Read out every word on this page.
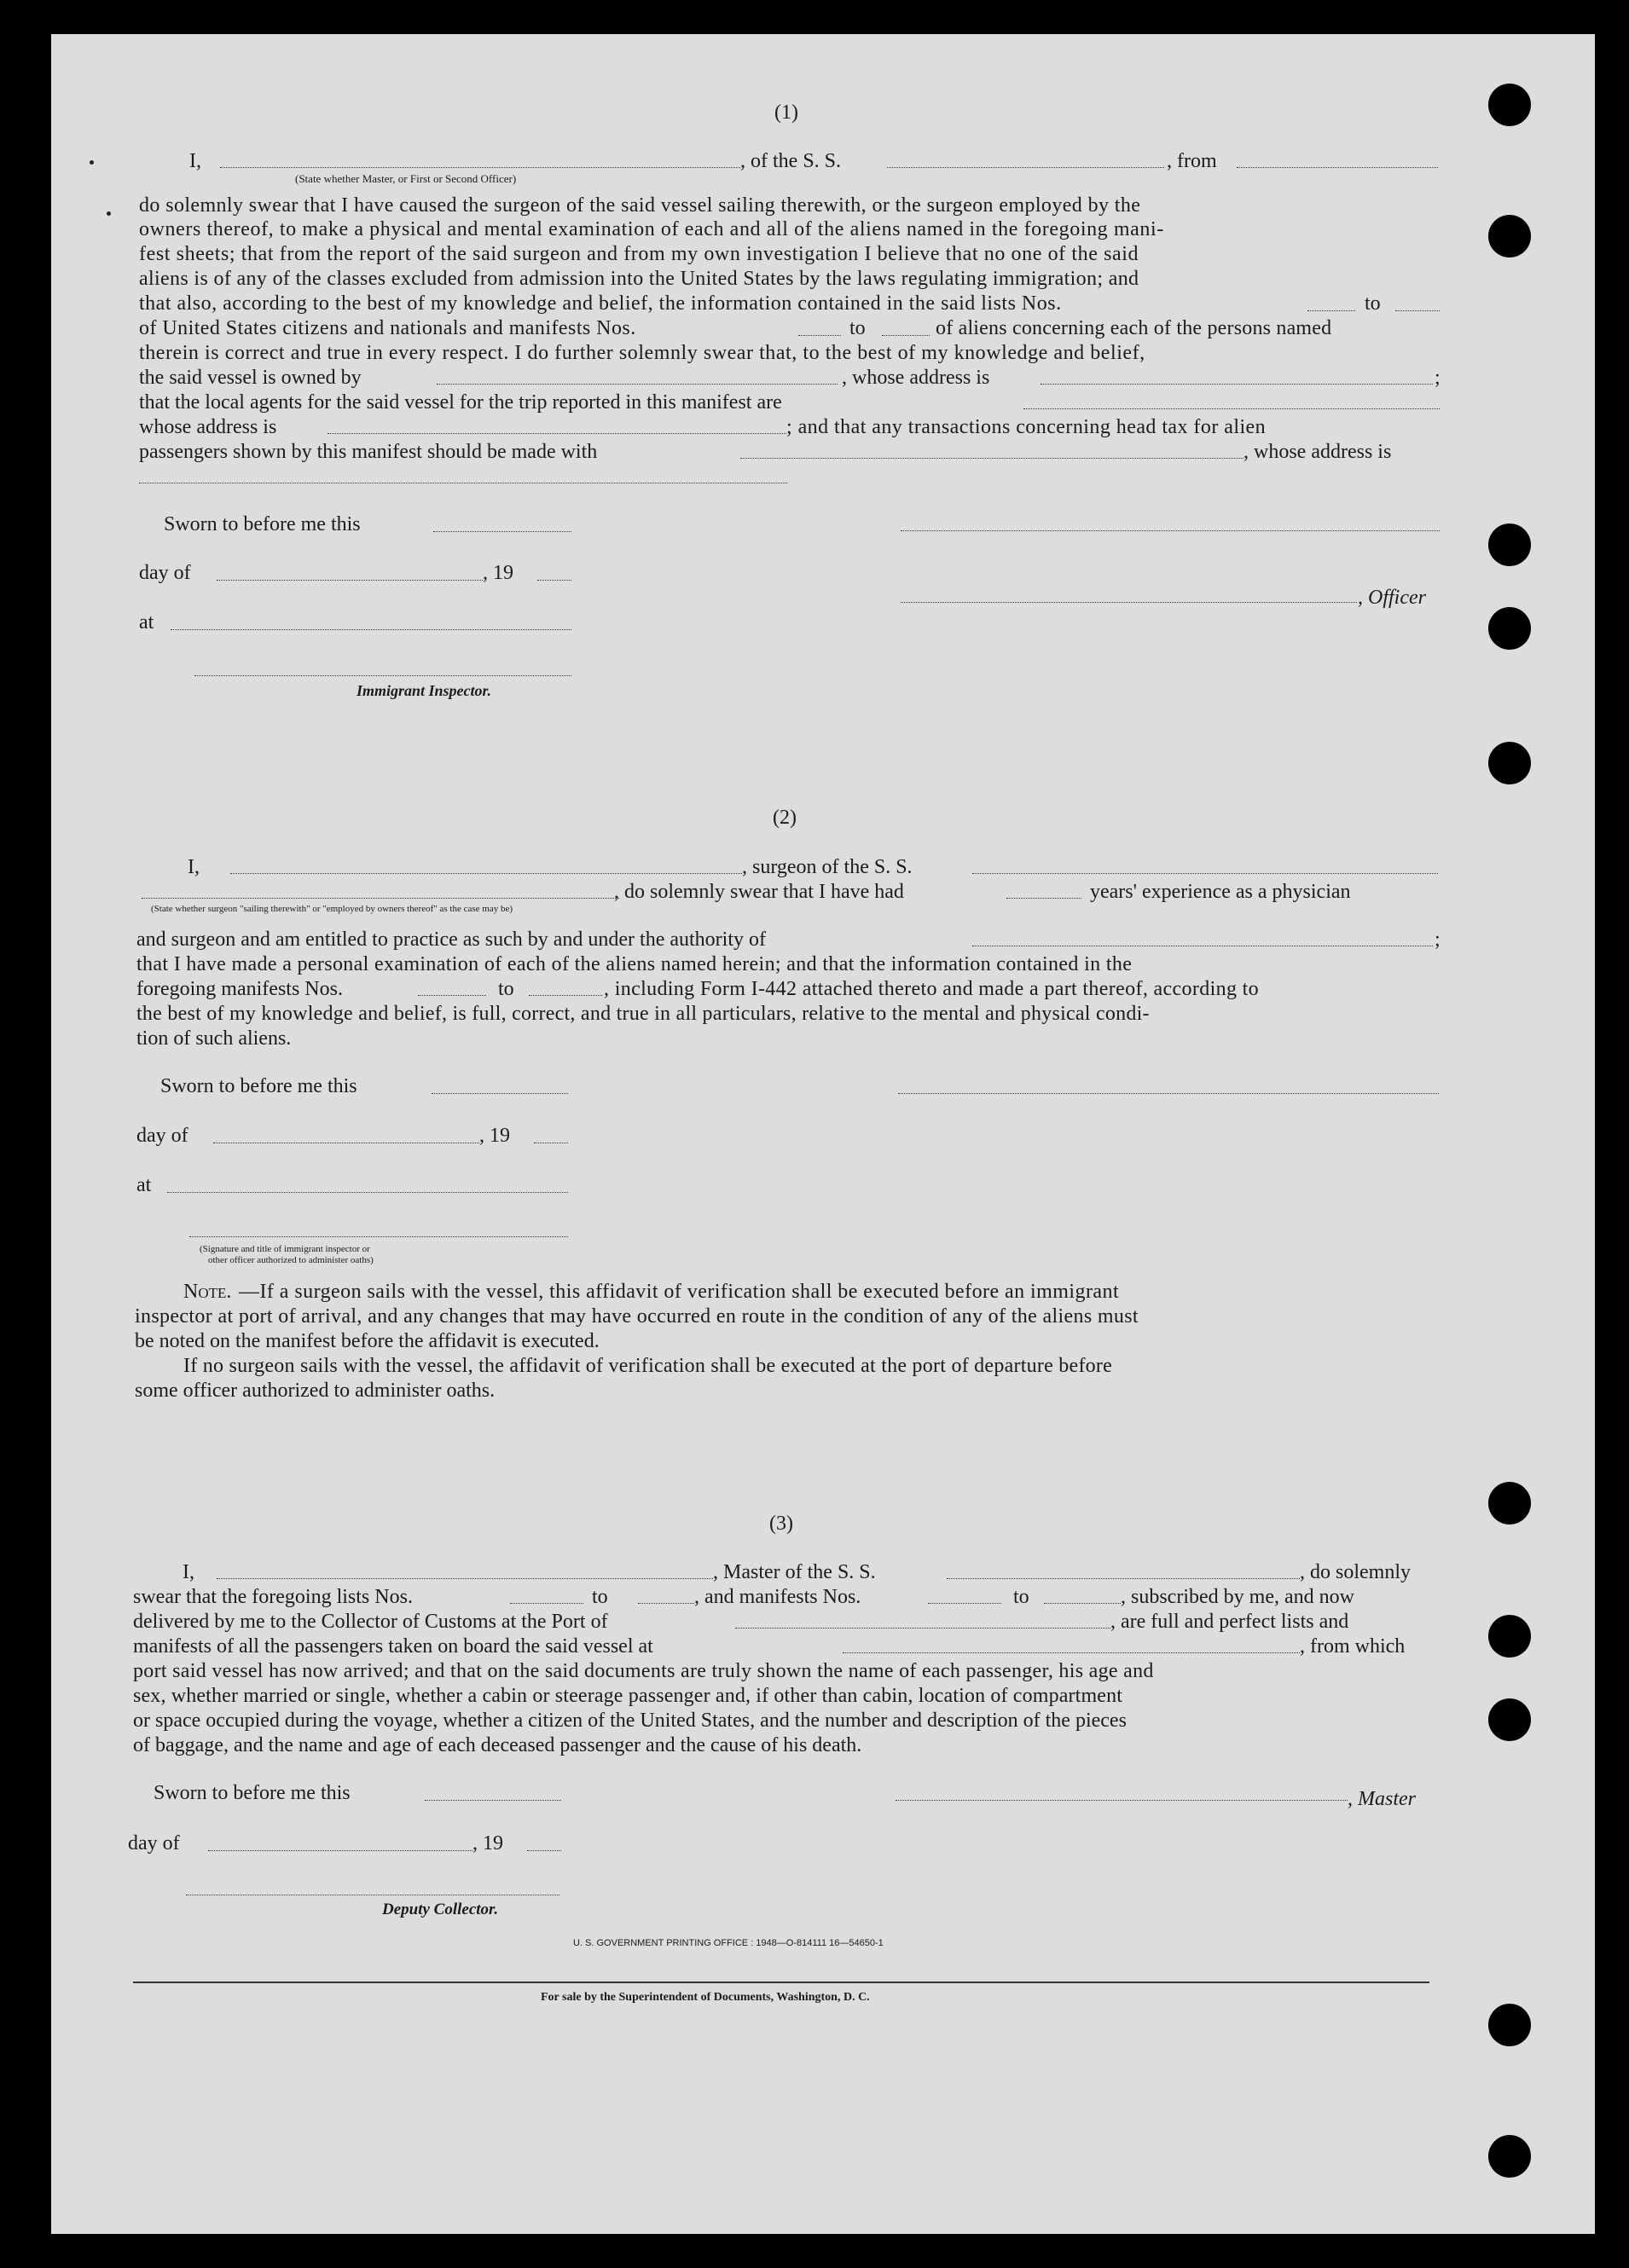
(1)
I,	, of the S. S.	, from
(State whether Master, or First or Second Officer)
do solemnly swear that I have caused the surgeon of the said vessel sailing therewith, or the surgeon employed by the
owners thereof, to make a physical and mental examination of each and all of the aliens named in the foregoing mani-
fest sheets; that from the report of the said surgeon and from my own investigation I believe that no one of the said
aliens is of any of the classes excluded from admission into the United States by the laws regulating immigration; and
that also, according to the best of my knowledge and belief, the information contained in the said lists Nos.	to
of United States citizens and nationals and manifests Nos.	to	of aliens concerning each of the persons named
therein is correct and true in every respect. I do further solemnly swear that, to the best of my knowledge and belief,
the said vessel is owned by	, whose address is	;
that the local agents for the said vessel for the trip reported in this manifest are
whose address is	; and that any transactions concerning head tax for alien
passengers shown by this manifest should be made with	, whose address is
Sworn to before me this
day of	, 19
at
Immigrant Inspector.
, Officer
(2)
I,	, surgeon of the S. S.
, do solemnly swear that I have had	years' experience as a physician
(State whether surgeon "sailing therewith" or "employed by owners thereof" as the case may be)
and surgeon and am entitled to practice as such by and under the authority of	;
that I have made a personal examination of each of the aliens named herein; and that the information contained in the
foregoing manifests Nos.	to	, including Form I-442 attached thereto and made a part thereof, according to
the best of my knowledge and belief, is full, correct, and true in all particulars, relative to the mental and physical condi-
tion of such aliens.
Sworn to before me this
day of	, 19
at
(Signature and title of immigrant inspector or
other officer authorized to administer oaths)
Note. —If a surgeon sails with the vessel, this affidavit of verification shall be executed before an immigrant
inspector at port of arrival, and any changes that may have occurred en route in the condition of any of the aliens must
be noted on the manifest before the affidavit is executed.
If no surgeon sails with the vessel, the affidavit of verification shall be executed at the port of departure before
some officer authorized to administer oaths.
(3)
I,	, Master of the S. S.	, do solemnly
swear that the foregoing lists Nos.	to	, and manifests Nos.	to	, subscribed by me, and now
delivered by me to the Collector of Customs at the Port of	, are full and perfect lists and
manifests of all the passengers taken on board the said vessel at	, from which
port said vessel has now arrived; and that on the said documents are truly shown the name of each passenger, his age and
sex, whether married or single, whether a cabin or steerage passenger and, if other than cabin, location of compartment
or space occupied during the voyage, whether a citizen of the United States, and the number and description of the pieces
of baggage, and the name and age of each deceased passenger and the cause of his death.
Sworn to before me this	, Master
day of	, 19
Deputy Collector.
U. S. GOVERNMENT PRINTING OFFICE : 1948—O-814111 16—54650-1
For sale by the Superintendent of Documents, Washington, D. C.
